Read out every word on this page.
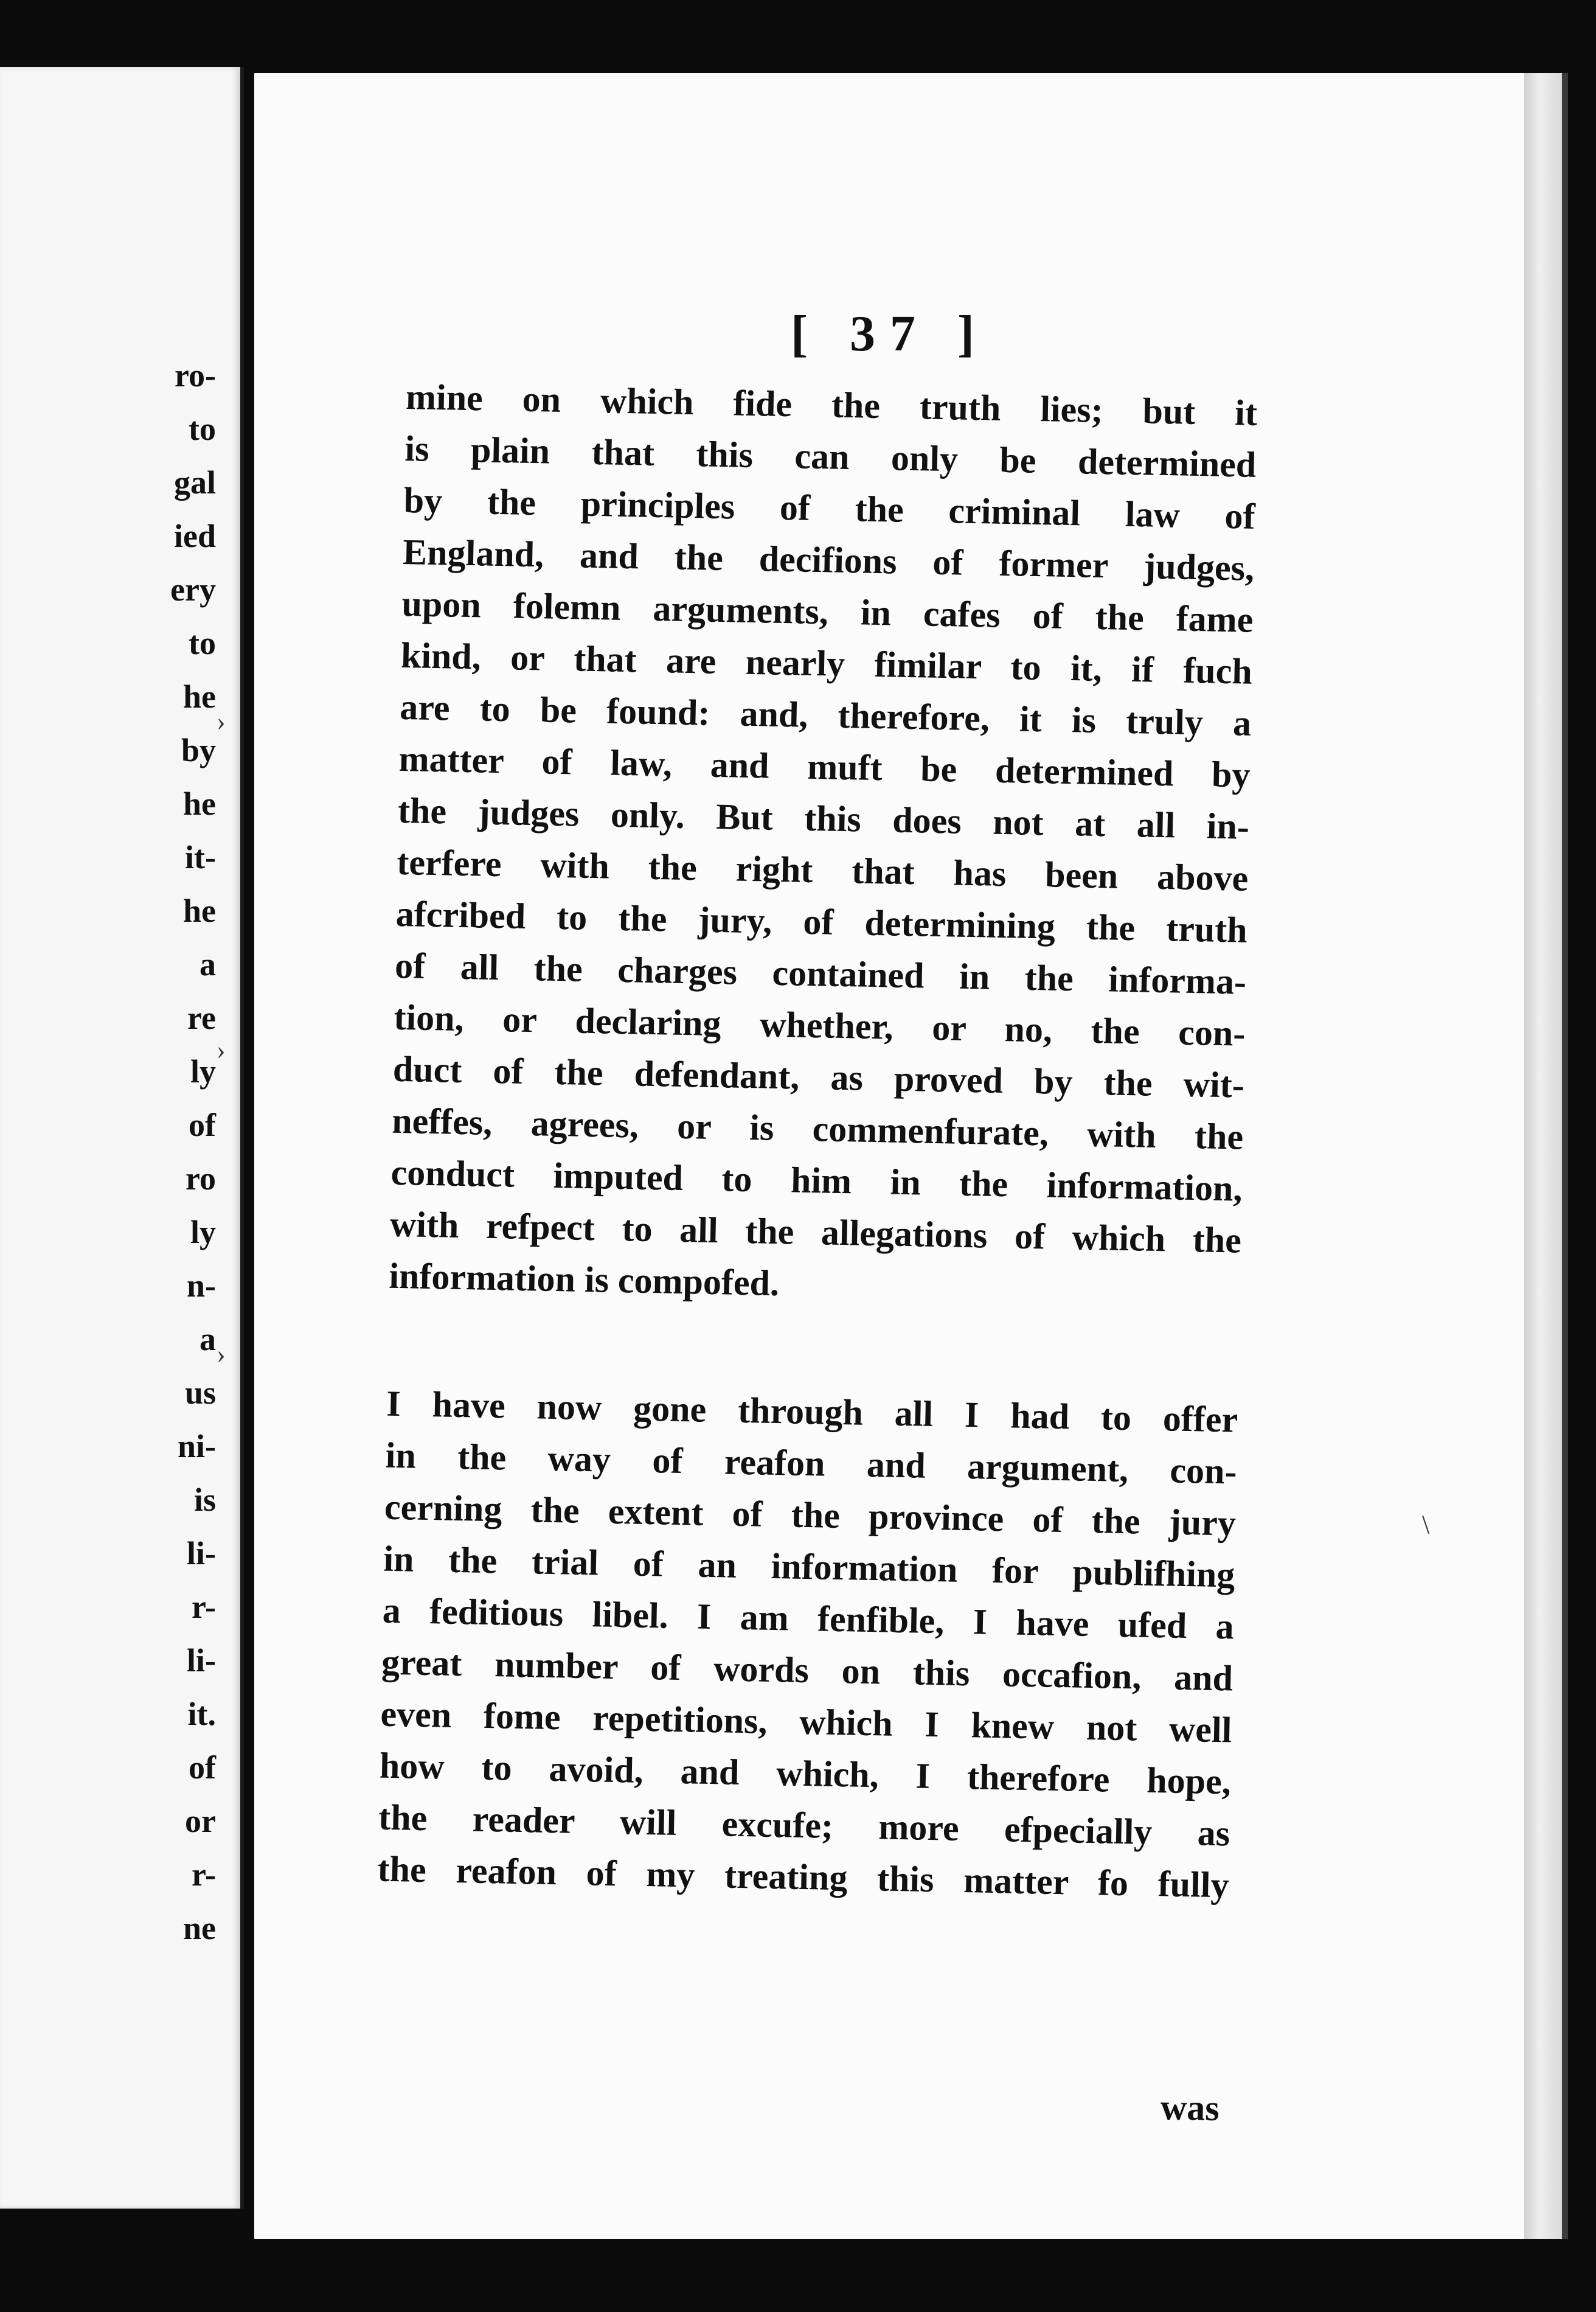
ro-
to
gal
ied
ery
to
he
by
he
it-
he
a
re
ly
of
ro
ly
n-
a
us
ni-
is
li-
r-
li-
it.
of
or
r-
ne
[ 37 ]
mine on which fide the truth lies; but it
is plain that this can only be determined
by the principles of the criminal law of
England, and the decifions of former judges,
upon folemn arguments, in cafes of the fame
kind, or that are nearly fimilar to it, if fuch
are to be found: and, therefore, it is truly a
matter of law, and muft be determined by
the judges only. But this does not at all in-
terfere with the right that has been above
afcribed to the jury, of determining the truth
of all the charges contained in the informa-
tion, or declaring whether, or no, the con-
duct of the defendant, as proved by the wit-
neffes, agrees, or is commenfurate, with the
conduct imputed to him in the information,
with refpect to all the allegations of which the
information is compofed.
I have now gone through all I had to offer
in the way of reafon and argument, con-
cerning the extent of the province of the jury
in the trial of an information for publifhing
a feditious libel. I am fenfible, I have ufed a
great number of words on this occafion, and
even fome repetitions, which I knew not well
how to avoid, and which, I therefore hope,
the reader will excufe; more efpecially as
the reafon of my treating this matter fo fully
was
›
›
›
\
